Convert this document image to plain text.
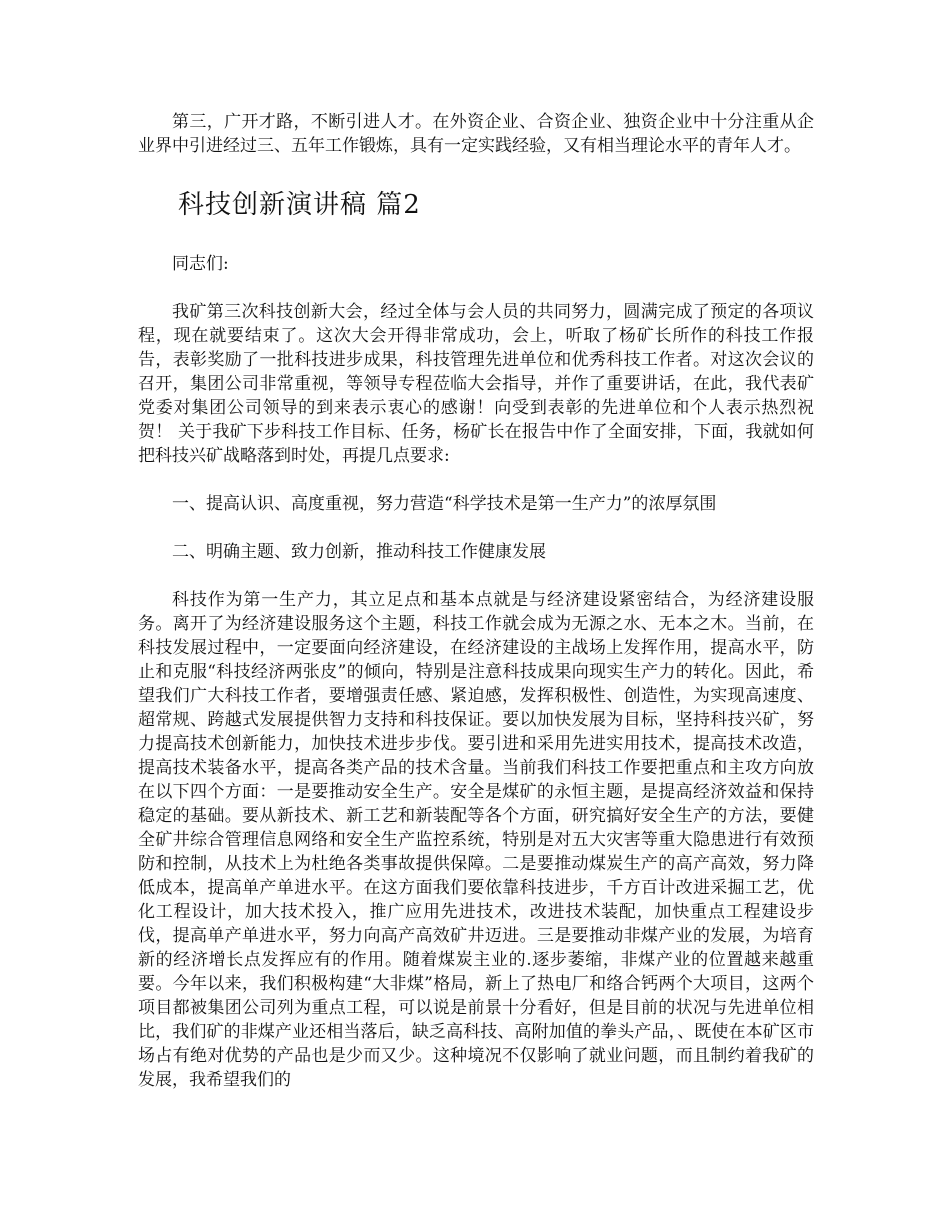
第三，广开才路，不断引进人才。在外资企业、合资企业、独资企业中十分注重从企业界中引进经过三、五年工作锻炼，具有一定实践经验，又有相当理论水平的青年人才。

科技创新演讲稿 篇2

同志们:

我矿第三次科技创新大会，经过全体与会人员的共同努力，圆满完成了预定的各项议程，现在就要结束了。这次大会开得非常成功，会上，听取了杨矿长所作的科技工作报告，表彰奖励了一批科技进步成果，科技管理先进单位和优秀科技工作者。对这次会议的召开，集团公司非常重视，等领导专程莅临大会指导，并作了重要讲话，在此，我代表矿党委对集团公司领导的到来表示衷心的感谢！向受到表彰的先进单位和个人表示热烈祝贺！ 关于我矿下步科技工作目标、任务，杨矿长在报告中作了全面安排，下面，我就如何把科技兴矿战略落到时处，再提几点要求:

一、提高认识、高度重视，努力营造“科学技术是第一生产力”的浓厚氛围

二、明确主题、致力创新，推动科技工作健康发展

科技作为第一生产力，其立足点和基本点就是与经济建设紧密结合，为经济建设服务。离开了为经济建设服务这个主题，科技工作就会成为无源之水、无本之木。当前，在科技发展过程中，一定要面向经济建设，在经济建设的主战场上发挥作用，提高水平，防止和克服“科技经济两张皮”的倾向，特别是注意科技成果向现实生产力的转化。因此，希望我们广大科技工作者，要增强责任感、紧迫感，发挥积极性、创造性，为实现高速度、超常规、跨越式发展提供智力支持和科技保证。要以加快发展为目标，坚持科技兴矿，努力提高技术创新能力，加快技术进步步伐。要引进和采用先进实用技术，提高技术改造，提高技术装备水平，提高各类产品的技术含量。当前我们科技工作要把重点和主攻方向放在以下四个方面：一是要推动安全生产。安全是煤矿的永恒主题，是提高经济效益和保持稳定的基础。要从新技术、新工艺和新装配等各个方面，研究搞好安全生产的方法，要健全矿井综合管理信息网络和安全生产监控系统，特别是对五大灾害等重大隐患进行有效预防和控制，从技术上为杜绝各类事故提供保障。二是要推动煤炭生产的高产高效，努力降低成本，提高单产单进水平。在这方面我们要依靠科技进步，千方百计改进采掘工艺，优化工程设计，加大技术投入，推广应用先进技术，改进技术装配，加快重点工程建设步伐，提高单产单进水平，努力向高产高效矿井迈进。三是要推动非煤产业的发展，为培育新的经济增长点发挥应有的作用。随着煤炭主业的.逐步萎缩，非煤产业的位置越来越重要。今年以来，我们积极构建“大非煤”格局，新上了热电厂和络合钙两个大项目，这两个项目都被集团公司列为重点工程，可以说是前景十分看好，但是目前的状况与先进单位相比，我们矿的非煤产业还相当落后，缺乏高科技、高附加值的拳头产品，、既使在本矿区市场占有绝对优势的产品也是少而又少。这种境况不仅影响了就业问题，而且制约着我矿的发展，我希望我们的
